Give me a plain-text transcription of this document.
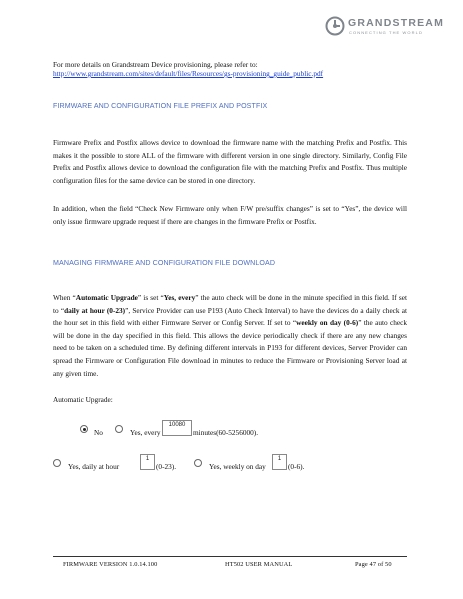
GRANDSTREAM
CONNECTING THE WORLD
For more details on Grandstream Device provisioning, please refer to:
http://www.grandstream.com/sites/default/files/Resources/gs-provisioning_guide_public.pdf
FIRMWARE AND CONFIGURATION FILE PREFIX AND POSTFIX
Firmware Prefix and Postfix allows device to download the firmware name with the matching Prefix and Postfix. This makes it the possible to store ALL of the firmware with different version in one single directory. Similarly, Config File Prefix and Postfix allows device to download the configuration file with the matching Prefix and Postfix. Thus multiple configuration files for the same device can be stored in one directory.
In addition, when the field “Check New Firmware only when F/W pre/suffix changes” is set to “Yes”, the device will only issue firmware upgrade request if there are changes in the firmware Prefix or Postfix.
MANAGING FIRMWARE AND CONFIGURATION FILE DOWNLOAD
When “Automatic Upgrade” is set “Yes, every” the auto check will be done in the minute specified in this field. If set to “daily at hour (0-23)”, Service Provider can use P193 (Auto Check Interval) to have the devices do a daily check at the hour set in this field with either Firmware Server or Config Server. If set to “weekly on day (0-6)” the auto check will be done in the day specified in this field. This allows the device periodically check if there are any new changes need to be taken on a scheduled time. By defining different intervals in P193 for different devices, Server Provider can spread the Firmware or Configuration File download in minutes to reduce the Firmware or Provisioning Server load at any given time.
Automatic Upgrade:
No	Yes, every
10080
minutes(60-5256000).
Yes, daily at hour
1
(0-23).	Yes, weekly on day
1
(0-6).
FIRMWARE VERSION 1.0.14.100	HT502 USER MANUAL	Page 47 of 50
